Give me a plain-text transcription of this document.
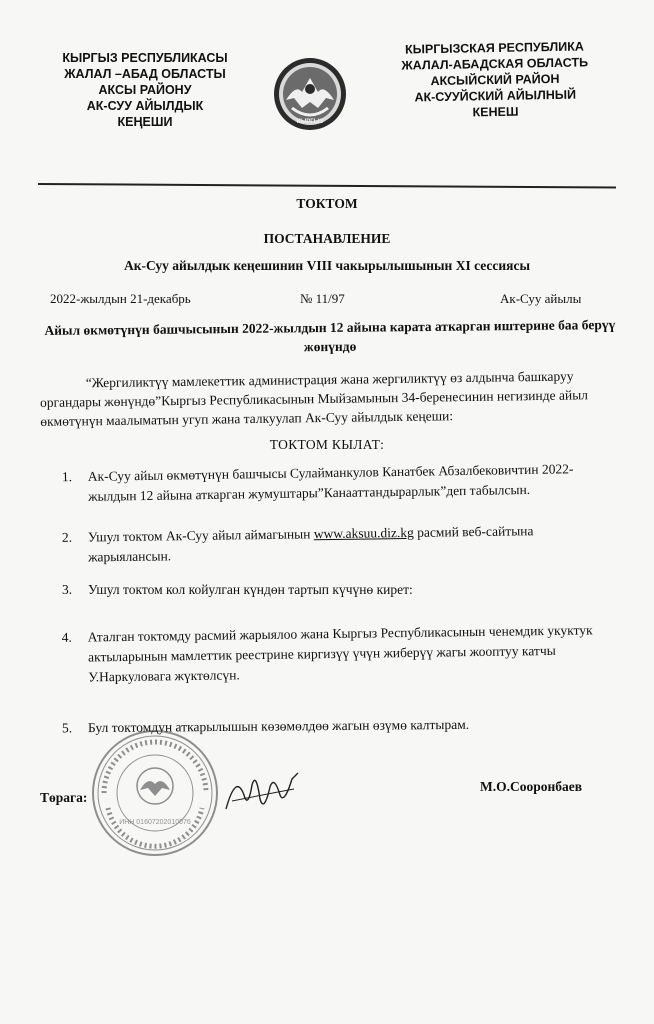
КЫРГЫЗ РЕСПУБЛИКАСЫ
ЖАЛАЛ –АБАД ОБЛАСТЫ
АКСЫ РАЙОНУ
АК-СУУ АЙЫЛДЫК
КЕҢЕШИ	КЫРГЫЗ
КЫРГЫЗСКАЯ РЕСПУБЛИКА
ЖАЛАЛ-АБАДСКАЯ ОБЛАСТЬ
АКСЫЙСКИЙ РАЙОН
АК-СУУЙСКИЙ АЙЫЛНЫЙ
КЕНЕШ
ТОКТОМ
ПОСТАНАВЛЕНИЕ
Ак-Суу айылдык кеңешинин VIII чакырылышынын XI сессиясы
2022-жылдын 21-декабрь	№ 11/97	Ак-Суу айылы
Айыл өкмөтүнүн башчысынын 2022-жылдын 12 айына карата аткарган иштерине баа берүү жөнүндө
“Жергиликтүү мамлекеттик администрация жана жергиликтүү өз алдынча башкаруу органдары жөнүндө”Кыргыз Республикасынын Мыйзамынын 34-беренесинин негизинде айыл өкмөтүнүн маалыматын угуп жана талкуулап Ак-Суу айылдык кеңеши:
ТОКТОМ КЫЛАТ:
1.	Ак-Суу айыл өкмөтүнүн башчысы Сулайманкулов Канатбек Абзалбековичтин 2022-жылдын 12 айына аткарган жумуштары”Канааттандырарлык”деп табылсын.
2.	Ушул токтом Ак-Суу айыл аймагынын www.aksuu.diz.kg расмий веб-сайтына жарыялансын.
3.	Ушул токтом кол койулган күндөн тартып күчүнө кирет:
4.	Аталган токтомду расмий жарыялоо жана Кыргыз Республикасынын ченемдик укуктук актыларынын мамлеттик реестрине киргизүү үчүн жиберүү жагы жооптуу катчы У.Наркуловага жүктөлсүн.
5.	Бул токтомдун аткарылышын көзөмөлдөө жагын өзүмө калтырам.
Төрага:
ИНН 01607202010076
М.О.Сооронбаев
